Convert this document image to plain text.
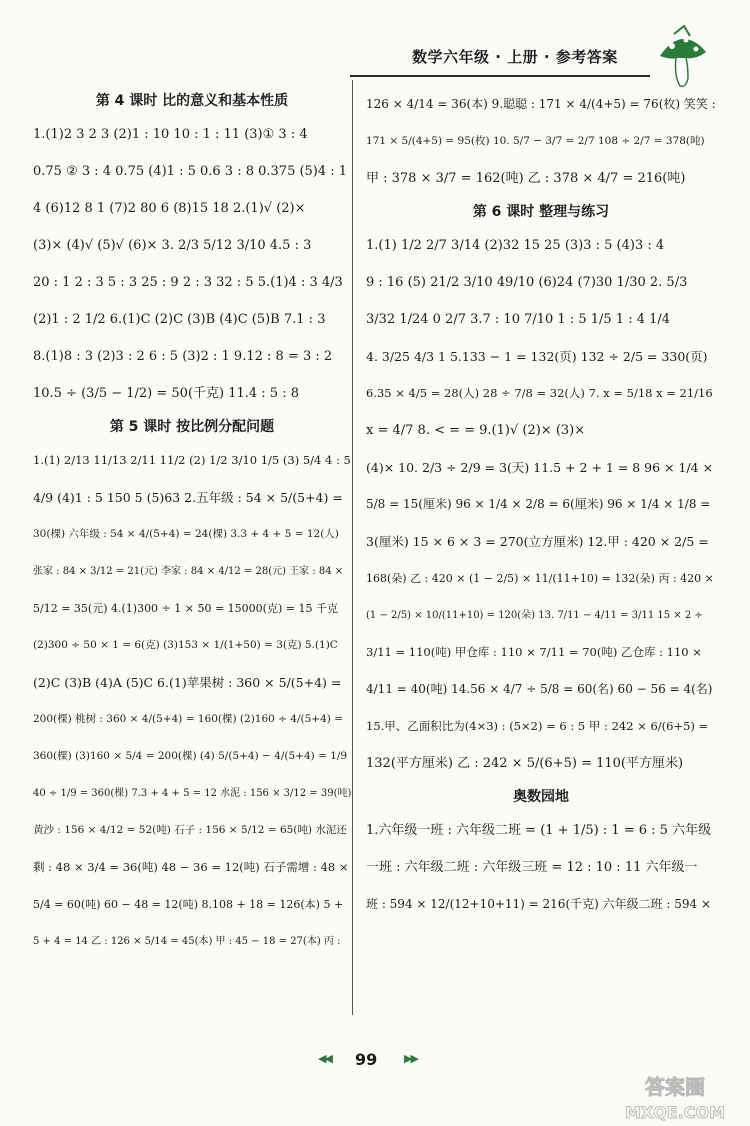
数学六年级 · 上册 · 参考答案
第 4 课时 比的意义和基本性质
1.(1)2 3 2 3 (2)1 : 10 10 : 1 : 11 (3)① 3 : 4
0.75 ② 3 : 4 0.75 (4)1 : 5 0.6 3 : 8 0.375 (5)4 : 1
4 (6)12 8 1 (7)2 80 6 (8)15 18 2.(1)√ (2)×
(3)× (4)√ (5)√ (6)× 3. 2/3 5/12 3/10 4.5 : 3
20 : 1 2 : 3 5 : 3 25 : 9 2 : 3 32 : 5 5.(1)4 : 3 4/3
(2)1 : 2 1/2 6.(1)C (2)C (3)B (4)C (5)B 7.1 : 3
8.(1)8 : 3 (2)3 : 2 6 : 5 (3)2 : 1 9.12 : 8 = 3 : 2
10.5 ÷ (3/5 − 1/2) = 50(千克) 11.4 : 5 : 8
第 5 课时 按比例分配问题
1.(1) 2/13 11/13 2/11 11/2 (2) 1/2 3/10 1/5 (3) 5/4 4 : 5
4/9 (4)1 : 5 150 5 (5)63 2.五年级 : 54 × 5/(5+4) =
30(棵) 六年级 : 54 × 4/(5+4) = 24(棵) 3.3 + 4 + 5 = 12(人)
张家 : 84 × 3/12 = 21(元) 李家 : 84 × 4/12 = 28(元) 王家 : 84 ×
5/12 = 35(元) 4.(1)300 ÷ 1 × 50 = 15000(克) = 15 千克
(2)300 ÷ 50 × 1 = 6(克) (3)153 × 1/(1+50) = 3(克) 5.(1)C
(2)C (3)B (4)A (5)C 6.(1)苹果树 : 360 × 5/(5+4) =
200(棵) 桃树 : 360 × 4/(5+4) = 160(棵) (2)160 ÷ 4/(5+4) =
360(棵) (3)160 × 5/4 = 200(棵) (4) 5/(5+4) − 4/(5+4) = 1/9
40 ÷ 1/9 = 360(棵) 7.3 + 4 + 5 = 12 水泥 : 156 × 3/12 = 39(吨)
黄沙 : 156 × 4/12 = 52(吨) 石子 : 156 × 5/12 = 65(吨) 水泥还
剩 : 48 × 3/4 = 36(吨) 48 − 36 = 12(吨) 石子需增 : 48 ×
5/4 = 60(吨) 60 − 48 = 12(吨) 8.108 + 18 = 126(本) 5 +
5 + 4 = 14 乙 : 126 × 5/14 = 45(本) 甲 : 45 − 18 = 27(本) 丙 :
126 × 4/14 = 36(本) 9.聪聪 : 171 × 4/(4+5) = 76(枚) 笑笑 :
171 × 5/(4+5) = 95(枚) 10. 5/7 − 3/7 = 2/7 108 ÷ 2/7 = 378(吨)
甲 : 378 × 3/7 = 162(吨) 乙 : 378 × 4/7 = 216(吨)
第 6 课时 整理与练习
1.(1) 1/2 2/7 3/14 (2)32 15 25 (3)3 : 5 (4)3 : 4
9 : 16 (5) 21/2 3/10 49/10 (6)24 (7)30 1/30 2. 5/3
3/32 1/24 0 2/7 3.7 : 10 7/10 1 : 5 1/5 1 : 4 1/4
4. 3/25 4/3 1 5.133 − 1 = 132(页) 132 ÷ 2/5 = 330(页)
6.35 × 4/5 = 28(人) 28 ÷ 7/8 = 32(人) 7. x = 5/18 x = 21/16
x = 4/7 8. < = = 9.(1)√ (2)× (3)×
(4)× 10. 2/3 ÷ 2/9 = 3(天) 11.5 + 2 + 1 = 8 96 × 1/4 ×
5/8 = 15(厘米) 96 × 1/4 × 2/8 = 6(厘米) 96 × 1/4 × 1/8 =
3(厘米) 15 × 6 × 3 = 270(立方厘米) 12.甲 : 420 × 2/5 =
168(朵) 乙 : 420 × (1 − 2/5) × 11/(11+10) = 132(朵) 丙 : 420 ×
(1 − 2/5) × 10/(11+10) = 120(朵) 13. 7/11 − 4/11 = 3/11 15 × 2 ÷
3/11 = 110(吨) 甲仓库 : 110 × 7/11 = 70(吨) 乙仓库 : 110 ×
4/11 = 40(吨) 14.56 × 4/7 ÷ 5/8 = 60(名) 60 − 56 = 4(名)
15.甲、乙面积比为(4×3) : (5×2) = 6 : 5 甲 : 242 × 6/(6+5) =
132(平方厘米) 乙 : 242 × 5/(6+5) = 110(平方厘米)
奥数园地
1.六年级一班 : 六年级二班 = (1 + 1/5) : 1 = 6 : 5 六年级
一班 : 六年级二班 : 六年级三班 = 12 : 10 : 11 六年级一
班 : 594 × 12/(12+10+11) = 216(千克) 六年级二班 : 594 ×
◀◀ 99 ▶▶
答案圈
MXQE.COM
